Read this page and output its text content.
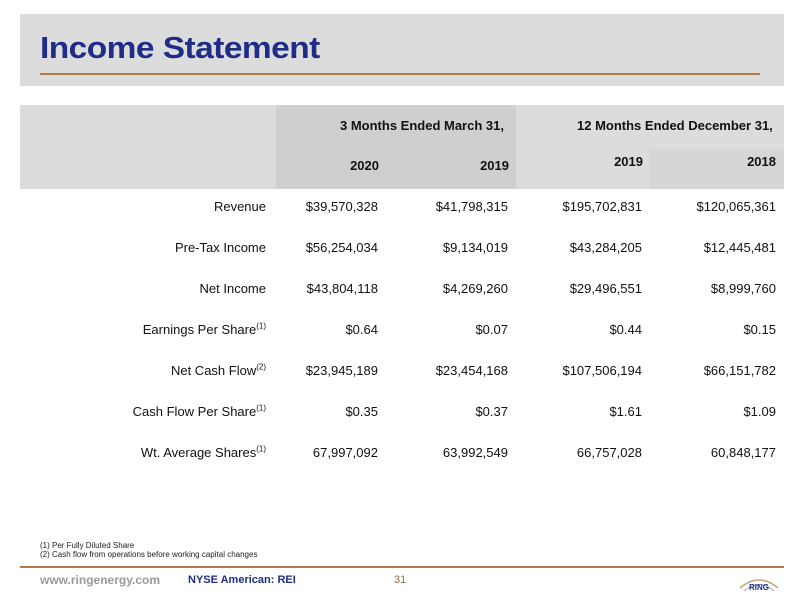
Income Statement
3 Months Ended March 31,	12 Months Ended December 31,
2020	2019	2019	2018
Revenue	$39,570,328	$41,798,315	$195,702,831	$120,065,361
Pre-Tax Income	$56,254,034	$9,134,019	$43,284,205	$12,445,481
Net Income	$43,804,118	$4,269,260	$29,496,551	$8,999,760
Earnings Per Share$^{(1)}$	$0.64	$0.07	$0.44	$0.15
Net Cash Flow$^{(2)}$	$23,945,189	$23,454,168	$107,506,194	$66,151,782
Cash Flow Per Share$^{(1)}$	$0.35	$0.37	$1.61	$1.09
Wt. Average Shares$^{(1)}$	67,997,092	63,992,549	66,757,028	60,848,177
(1) Per Fully Diluted Share
(2) Cash flow from operations before working capital changes
www.ringenergy.com	NYSE American: REI	31
RING
